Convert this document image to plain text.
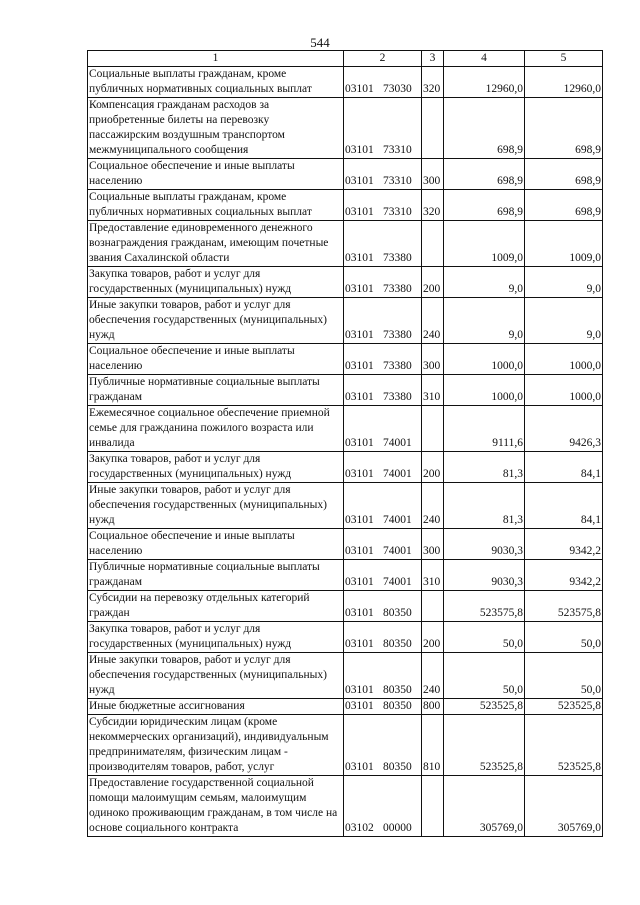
544
1	2	3	4	5
Социальные выплаты гражданам, кроме публичных нормативных социальных выплат	03101 73030	320	12960,0	12960,0
Компенсация гражданам расходов за приобретенные билеты на перевозку пассажирским воздушным транспортом межмуниципального сообщения	03101 73310		698,9	698,9
Социальное обеспечение и иные выплаты населению	03101 73310	300	698,9	698,9
Социальные выплаты гражданам, кроме публичных нормативных социальных выплат	03101 73310	320	698,9	698,9
Предоставление единовременного денежного вознаграждения гражданам, имеющим почетные звания Сахалинской области	03101 73380		1009,0	1009,0
Закупка товаров, работ и услуг для государственных (муниципальных) нужд	03101 73380	200	9,0	9,0
Иные закупки товаров, работ и услуг для обеспечения государственных (муниципальных) нужд	03101 73380	240	9,0	9,0
Социальное обеспечение и иные выплаты населению	03101 73380	300	1000,0	1000,0
Публичные нормативные социальные выплаты гражданам	03101 73380	310	1000,0	1000,0
Ежемесячное социальное обеспечение приемной семье для гражданина пожилого возраста или инвалида	03101 74001		9111,6	9426,3
Закупка товаров, работ и услуг для государственных (муниципальных) нужд	03101 74001	200	81,3	84,1
Иные закупки товаров, работ и услуг для обеспечения государственных (муниципальных) нужд	03101 74001	240	81,3	84,1
Социальное обеспечение и иные выплаты населению	03101 74001	300	9030,3	9342,2
Публичные нормативные социальные выплаты гражданам	03101 74001	310	9030,3	9342,2
Субсидии на перевозку отдельных категорий граждан	03101 80350		523575,8	523575,8
Закупка товаров, работ и услуг для государственных (муниципальных) нужд	03101 80350	200	50,0	50,0
Иные закупки товаров, работ и услуг для обеспечения государственных (муниципальных) нужд	03101 80350	240	50,0	50,0
Иные бюджетные ассигнования	03101 80350	800	523525,8	523525,8
Субсидии юридическим лицам (кроме некоммерческих организаций), индивидуальным предпринимателям, физическим лицам - производителям товаров, работ, услуг	03101 80350	810	523525,8	523525,8
Предоставление государственной социальной помощи малоимущим семьям, малоимущим одиноко проживающим гражданам, в том числе на основе социального контракта	03102 00000		305769,0	305769,0
